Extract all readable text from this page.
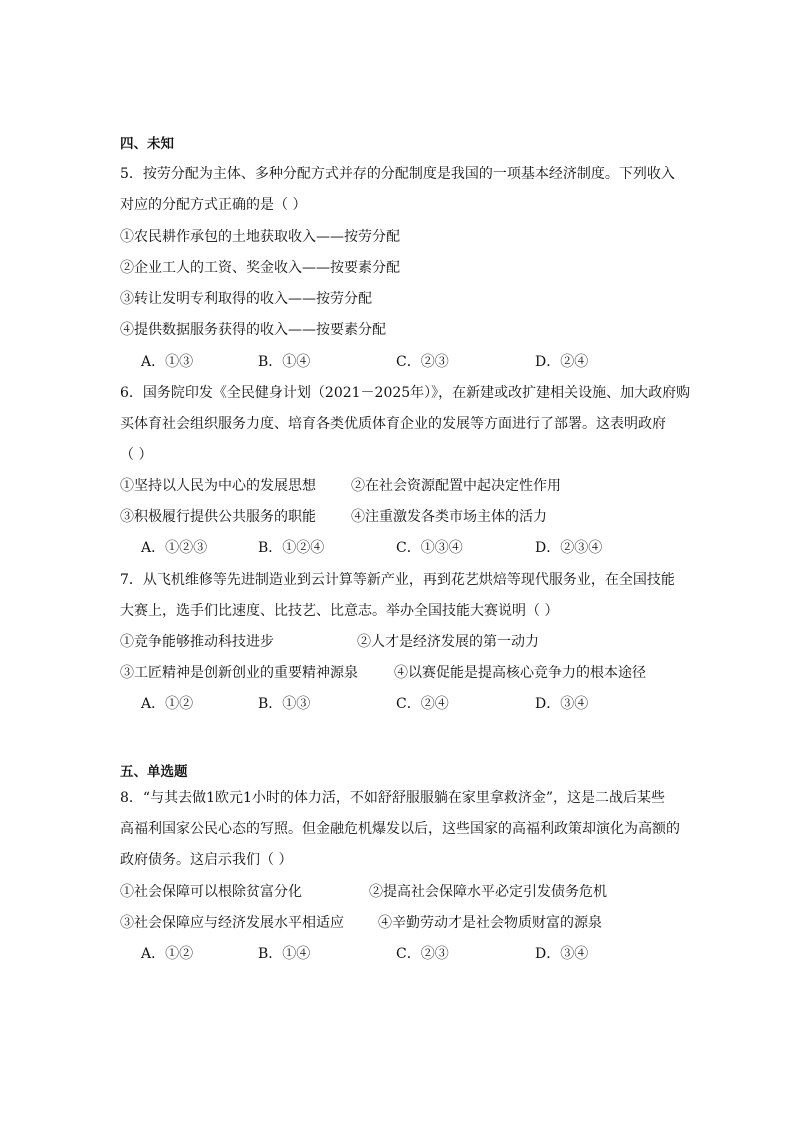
四、未知
5．按劳分配为主体、多种分配方式并存的分配制度是我国的一项基本经济制度。下列收入
对应的分配方式正确的是（ ）
①农民耕作承包的土地获取收入——按劳分配
②企业工人的工资、奖金收入——按要素分配
③转让发明专利取得的收入——按劳分配
④提供数据服务获得的收入——按要素分配
A．①③	B．①④	C．②③	D．②④
6．国务院印发《全民健身计划（2021－2025年）》，在新建或改扩建相关设施、加大政府购
买体育社会组织服务力度、培育各类优质体育企业的发展等方面进行了部署。这表明政府
（ ）
①坚持以人民为中心的发展思想	②在社会资源配置中起决定性作用
③积极履行提供公共服务的职能	④注重激发各类市场主体的活力
A．①②③	B．①②④	C．①③④	D．②③④
7．从飞机维修等先进制造业到云计算等新产业，再到花艺烘焙等现代服务业，在全国技能
大赛上，选手们比速度、比技艺、比意志。举办全国技能大赛说明（ ）
①竞争能够推动科技进步	②人才是经济发展的第一动力
③工匠精神是创新创业的重要精神源泉	④以赛促能是提高核心竞争力的根本途径
A．①②	B．①③	C．②④	D．③④
五、单选题
8．“与其去做1欧元1小时的体力活，不如舒舒服服躺在家里拿救济金”，这是二战后某些
高福利国家公民心态的写照。但金融危机爆发以后，这些国家的高福利政策却演化为高额的
政府债务。这启示我们（ ）
①社会保障可以根除贫富分化	②提高社会保障水平必定引发债务危机
③社会保障应与经济发展水平相适应 ④辛勤劳动才是社会物质财富的源泉
A．①②	B．①④	C．②③	D．③④
